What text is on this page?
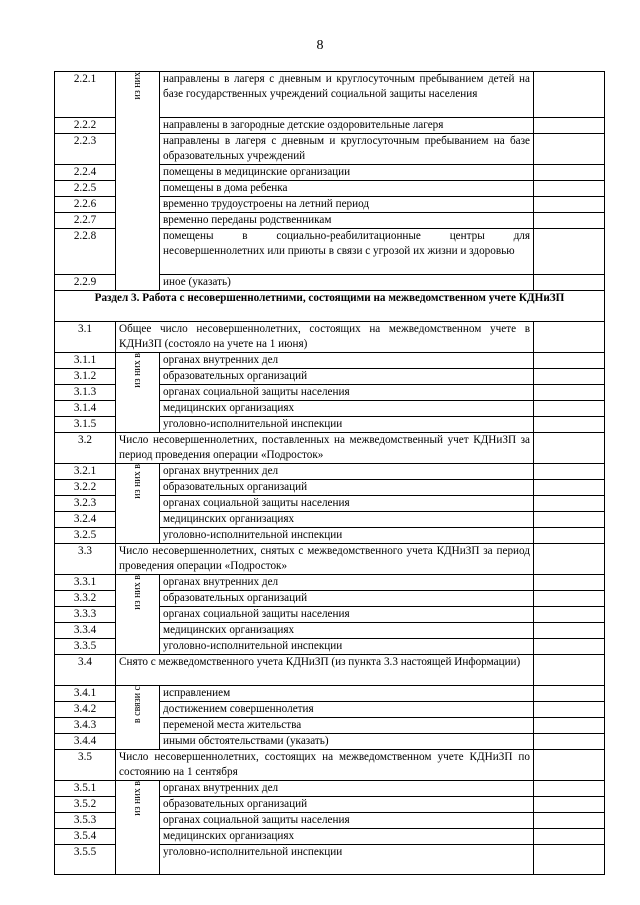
8
2.2.1	из них	направлены в лагеря с дневным и круглосуточным пребыванием детей на базе государственных учреждений социальной защиты населения	
2.2.2		направлены в загородные детские оздоровительные лагеря	
2.2.3		направлены в лагеря с дневным и круглосуточным пребыванием на базе образовательных учреждений	
2.2.4		помещены в медицинские организации	
2.2.5		помещены в дома ребенка	
2.2.6		временно трудоустроены на летний период	
2.2.7		временно переданы родственникам	
2.2.8		помещены в социально-реабилитационные центры для несовершеннолетних или приюты в связи с угрозой их жизни и здоровью	
2.2.9		иное (указать)	
Раздел 3. Работа с несовершеннолетними, состоящими на межведомственном учете КДНиЗП			
3.1	Общее число несовершеннолетних, состоящих на межведомственном учете в КДНиЗП (состояло на учете на 1 июня)		
3.1.1	из них в	органах внутренних дел	
3.1.2		образовательных организаций	
3.1.3		органах социальной защиты населения	
3.1.4		медицинских организациях	
3.1.5		уголовно-исполнительной инспекции	
3.2	Число несовершеннолетних, поставленных на межведомственный учет КДНиЗП за период проведения операции «Подросток»		
3.2.1	из них в	органах внутренних дел	
3.2.2		образовательных организаций	
3.2.3		органах социальной защиты населения	
3.2.4		медицинских организациях	
3.2.5		уголовно-исполнительной инспекции	
3.3	Число несовершеннолетних, снятых с межведомственного учета КДНиЗП за период проведения операции «Подросток»		
3.3.1	из них в	органах внутренних дел	
3.3.2		образовательных организаций	
3.3.3		органах социальной защиты населения	
3.3.4		медицинских организациях	
3.3.5		уголовно-исполнительной инспекции	
3.4	Снято с межведомственного учета КДНиЗП (из пункта 3.3 настоящей Информации)		
3.4.1	в связи с	исправлением	
3.4.2		достижением совершеннолетия	
3.4.3		переменой места жительства	
3.4.4		иными обстоятельствами (указать)	
3.5	Число несовершеннолетних, состоящих на межведомственном учете КДНиЗП по состоянию на 1 сентября		
3.5.1	из них в	органах внутренних дел	
3.5.2		образовательных организаций	
3.5.3		органах социальной защиты населения	
3.5.4		медицинских организациях	
3.5.5		уголовно-исполнительной инспекции	
